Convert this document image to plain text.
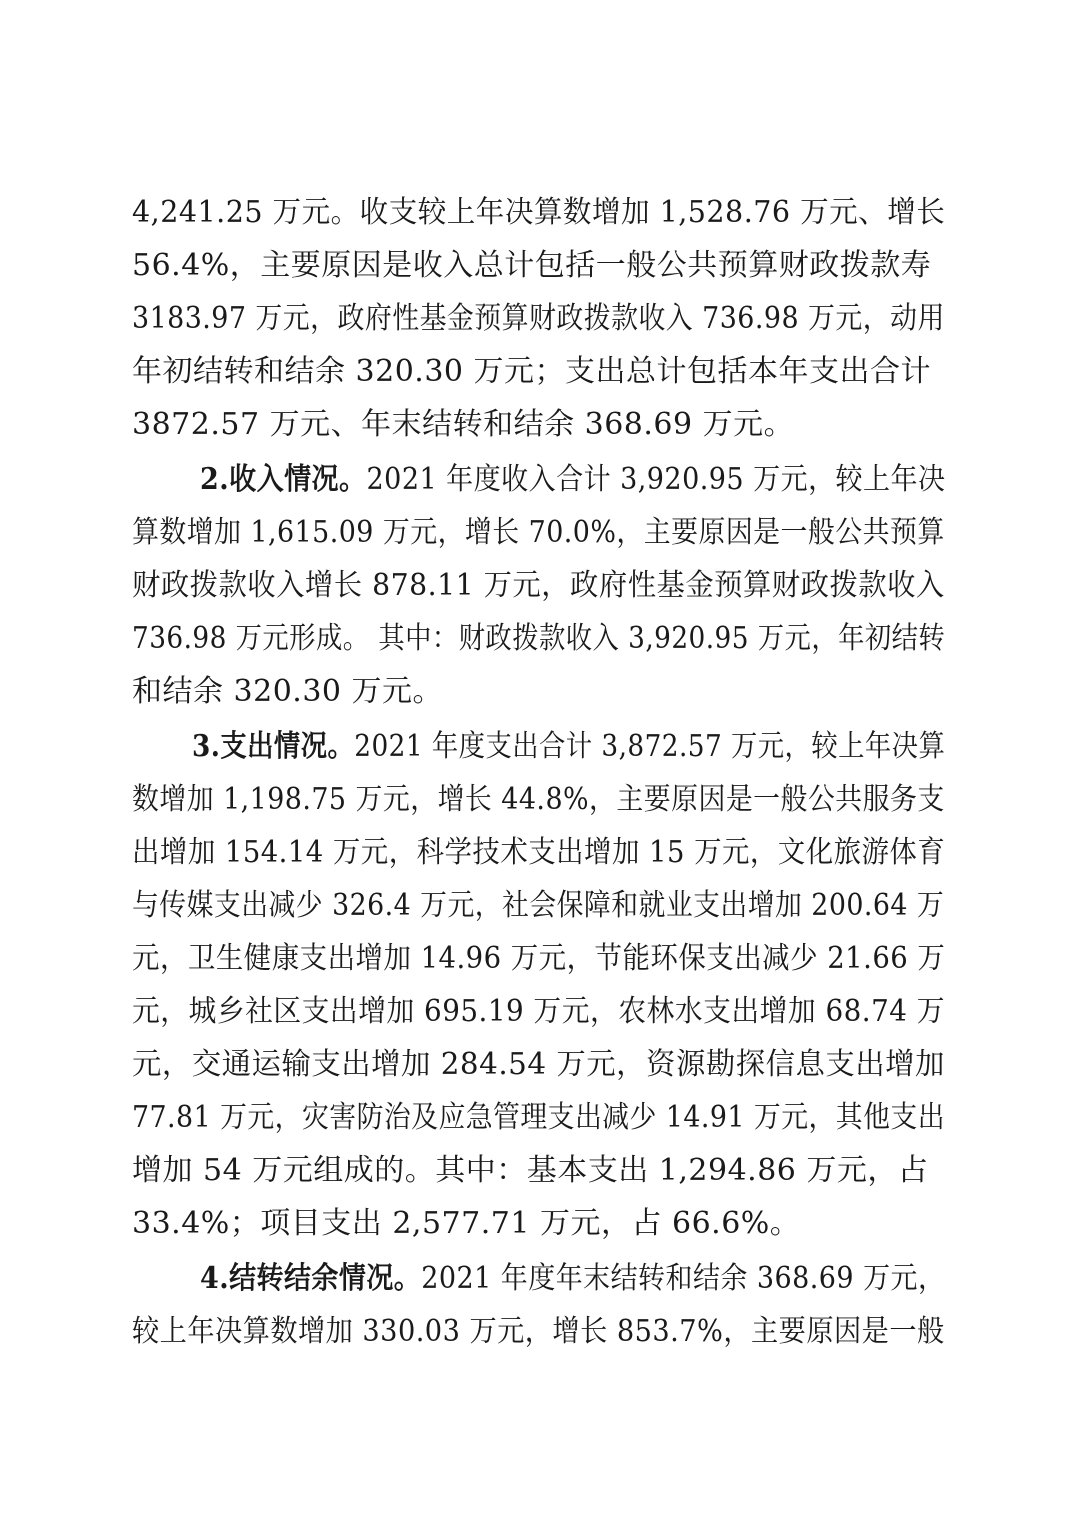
4,241.25 万元。收支较上年决算数增加 1,528.76 万元、增长
56.4%，主要原因是收入总计包括一般公共预算财政拨款寿
3183.97 万元，政府性基金预算财政拨款收入 736.98 万元，动用
年初结转和结余 320.30 万元；支出总计包括本年支出合计
3872.57 万元、年末结转和结余 368.69 万元。
2.收入情况。2021 年度收入合计 3,920.95 万元，较上年决
算数增加 1,615.09 万元，增长 70.0%，主要原因是一般公共预算
财政拨款收入增长 878.11 万元，政府性基金预算财政拨款收入
736.98 万元形成。 其中：财政拨款收入 3,920.95 万元，年初结转
和结余 320.30 万元。
3.支出情况。2021 年度支出合计 3,872.57 万元，较上年决算
数增加 1,198.75 万元，增长 44.8%，主要原因是一般公共服务支
出增加 154.14 万元，科学技术支出增加 15 万元，文化旅游体育
与传媒支出减少 326.4 万元，社会保障和就业支出增加 200.64 万
元，卫生健康支出增加 14.96 万元，节能环保支出减少 21.66 万
元，城乡社区支出增加 695.19 万元，农林水支出增加 68.74 万
元，交通运输支出增加 284.54 万元，资源勘探信息支出增加
77.81 万元，灾害防治及应急管理支出减少 14.91 万元，其他支出
增加 54 万元组成的。其中：基本支出 1,294.86 万元，占
33.4%；项目支出 2,577.71 万元，占 66.6%。
4.结转结余情况。2021 年度年末结转和结余 368.69 万元，
较上年决算数增加 330.03 万元，增长 853.7%，主要原因是一般
